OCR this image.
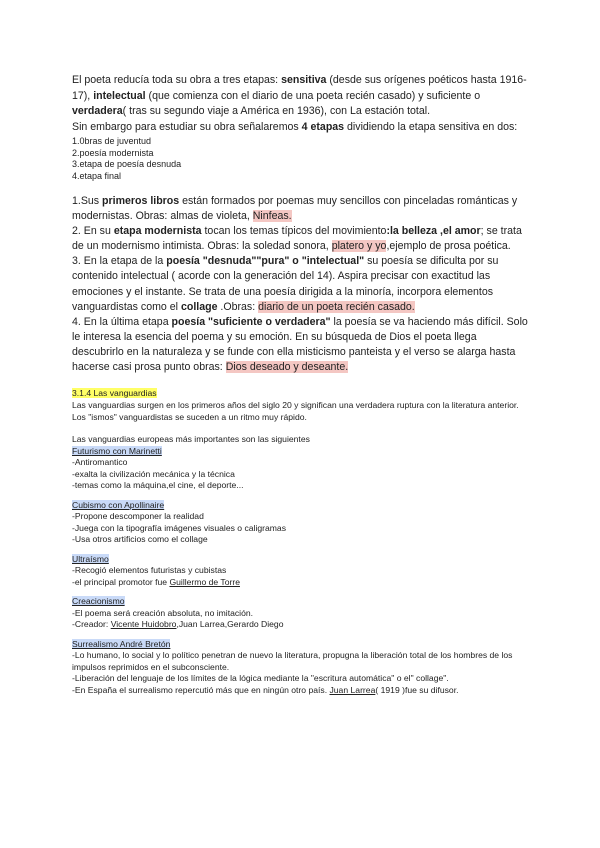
El poeta reducía toda su obra a tres etapas: sensitiva (desde sus orígenes poéticos hasta 1916-17), intelectual (que comienza con el diario de una poeta recién casado) y suficiente o verdadera( tras su segundo viaje a América en 1936), con La estación total.

Sin embargo para estudiar su obra señalaremos 4 etapas dividiendo la etapa sensitiva en dos:

1.0bras de juventud
2.poesía modernista
3.etapa de poesía desnuda
4.etapa final
1.Sus primeros libros están formados por poemas muy sencillos con pinceladas románticas y modernistas. Obras: almas de violeta, Ninfeas.
2. En su etapa modernista tocan los temas típicos del movimiento:la belleza ,el amor; se trata de un modernismo intimista. Obras: la soledad sonora, platero y yo,ejemplo de prosa poética.
3. En la etapa de la poesía "desnuda""pura" o "intelectual" su poesía se dificulta por su contenido intelectual ( acorde con la generación del 14). Aspira precisar con exactitud las emociones y el instante. Se trata de una poesía dirigida a la minoría, incorpora elementos vanguardistas como el collage .Obras: diario de un poeta recién casado.
4. En la última etapa poesía "suficiente o verdadera" la poesía se va haciendo más difícil. Solo le interesa la esencia del poema y su emoción. En su búsqueda de Dios el poeta llega descubrirlo en la naturaleza y se funde con ella misticismo panteista y el verso se alarga hasta hacerse casi prosa punto obras: Dios deseado y deseante.
3.1.4 Las vanguardias
Las vanguardias surgen en los primeros años del siglo 20 y significan una verdadera ruptura con la literatura anterior. Los "ismos" vanguardistas se suceden a un ritmo muy rápido.
Las vanguardias europeas más importantes son las siguientes
Futurismo con Marinetti
-Antiromantico
-exalta la civilización mecánica y la técnica
-temas como la máquina,el cine, el deporte...
Cubismo con Apollinaire
-Propone descomponer la realidad
-Juega con la tipografía imágenes visuales o caligramas
-Usa otros artificios como el collage
Ultraísmo
-Recogió elementos futuristas y cubistas
-el principal promotor fue Guillermo de Torre
Creacionismo
-El poema será creación absoluta, no imitación.
-Creador: Vicente Huidobro,Juan Larrea,Gerardo Diego
Surrealismo André Bretón
-Lo humano, lo social y lo político penetran de nuevo la literatura, propugna la liberación total de los hombres de los impulsos reprimidos en el subconsciente.
-Liberación del lenguaje de los límites de la lógica mediante la "escritura automática" o el" collage".
-En España el surrealismo repercutió más que en ningún otro país. Juan Larrea( 1919 )fue su difusor.
